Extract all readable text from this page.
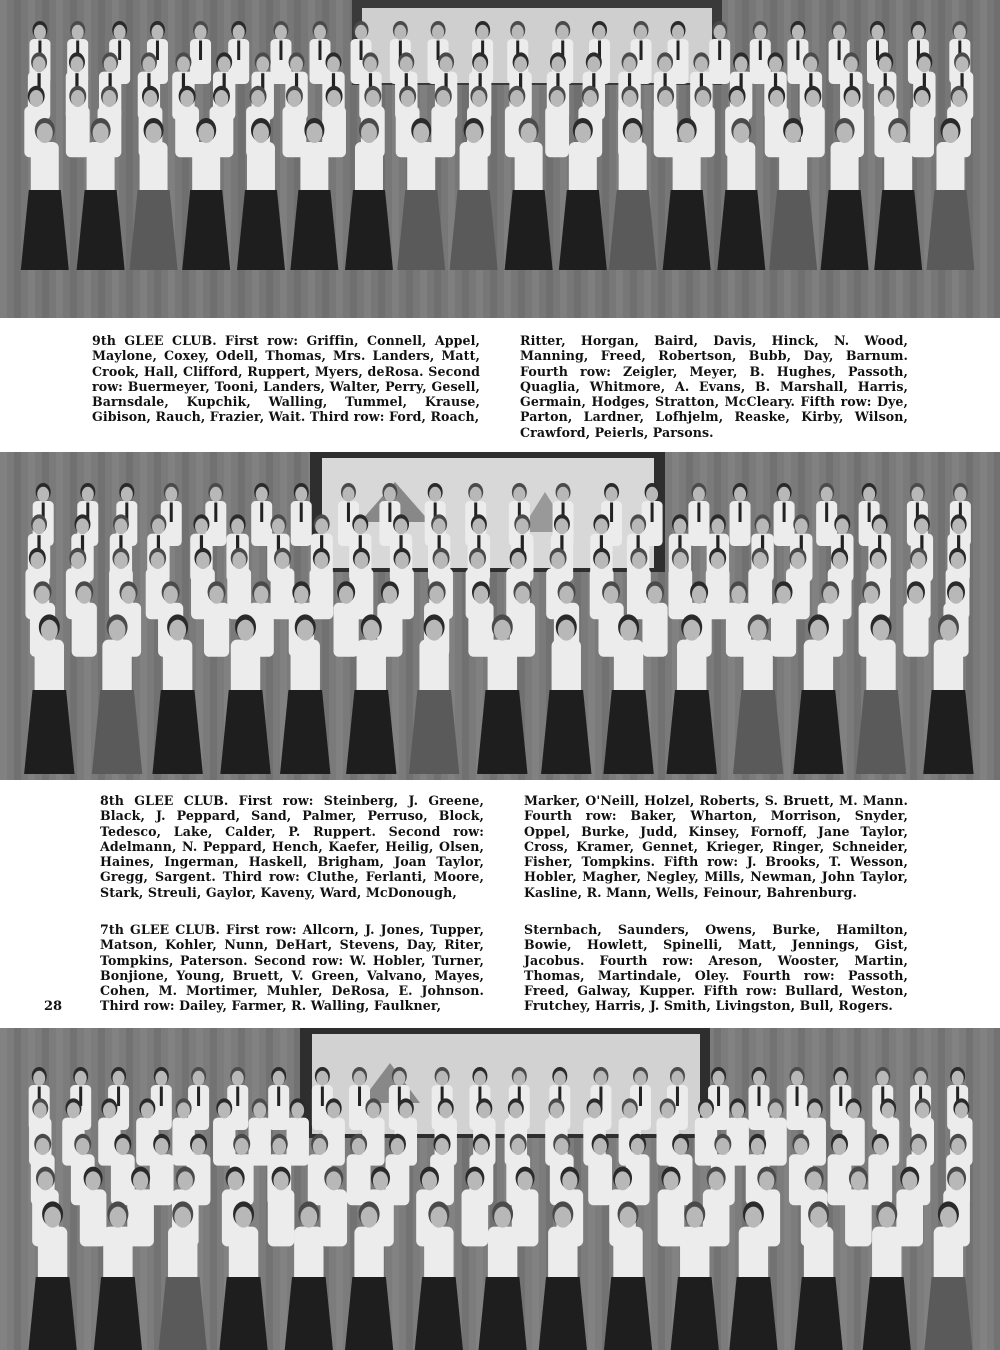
9th GLEE CLUB. First row: Griffin, Connell, Appel, Maylone, Coxey, Odell, Thomas, Mrs. Landers, Matt, Crook, Hall, Clifford, Ruppert, Myers, deRosa. Second row: Buermeyer, Tooni, Landers, Walter, Perry, Gesell, Barnsdale, Kupchik, Walling, Tummel, Krause, Gibison, Rauch, Frazier, Wait. Third row: Ford, Roach,
Ritter, Horgan, Baird, Davis, Hinck, N. Wood, Manning, Freed, Robertson, Bubb, Day, Barnum. Fourth row: Zeigler, Meyer, B. Hughes, Passoth, Quaglia, Whitmore, A. Evans, B. Marshall, Harris, Germain, Hodges, Stratton, McCleary. Fifth row: Dye, Parton, Lardner, Lofhjelm, Reaske, Kirby, Wilson, Crawford, Peierls, Parsons.
8th GLEE CLUB. First row: Steinberg, J. Greene, Black, J. Peppard, Sand, Palmer, Perruso, Block, Tedesco, Lake, Calder, P. Ruppert. Second row: Adelmann, N. Peppard, Hench, Kaefer, Heilig, Olsen, Haines, Ingerman, Haskell, Brigham, Joan Taylor, Gregg, Sargent. Third row: Cluthe, Ferlanti, Moore, Stark, Streuli, Gaylor, Kaveny, Ward, McDonough,
Marker, O'Neill, Holzel, Roberts, S. Bruett, M. Mann. Fourth row: Baker, Wharton, Morrison, Snyder, Oppel, Burke, Judd, Kinsey, Fornoff, Jane Taylor, Cross, Kramer, Gennet, Krieger, Ringer, Schneider, Fisher, Tompkins. Fifth row: J. Brooks, T. Wesson, Hobler, Magher, Negley, Mills, Newman, John Taylor, Kasline, R. Mann, Wells, Feinour, Bahrenburg.
7th GLEE CLUB. First row: Allcorn, J. Jones, Tupper, Matson, Kohler, Nunn, DeHart, Stevens, Day, Riter, Tompkins, Paterson. Second row: W. Hobler, Turner, Bonjione, Young, Bruett, V. Green, Valvano, Mayes, Cohen, M. Mortimer, Muhler, DeRosa, E. Johnson. Third row: Dailey, Farmer, R. Walling, Faulkner,
Sternbach, Saunders, Owens, Burke, Hamilton, Bowie, Howlett, Spinelli, Matt, Jennings, Gist, Jacobus. Fourth row: Areson, Wooster, Martin, Thomas, Martindale, Oley. Fourth row: Passoth, Freed, Galway, Kupper. Fifth row: Bullard, Weston, Frutchey, Harris, J. Smith, Livingston, Bull, Rogers.
28
